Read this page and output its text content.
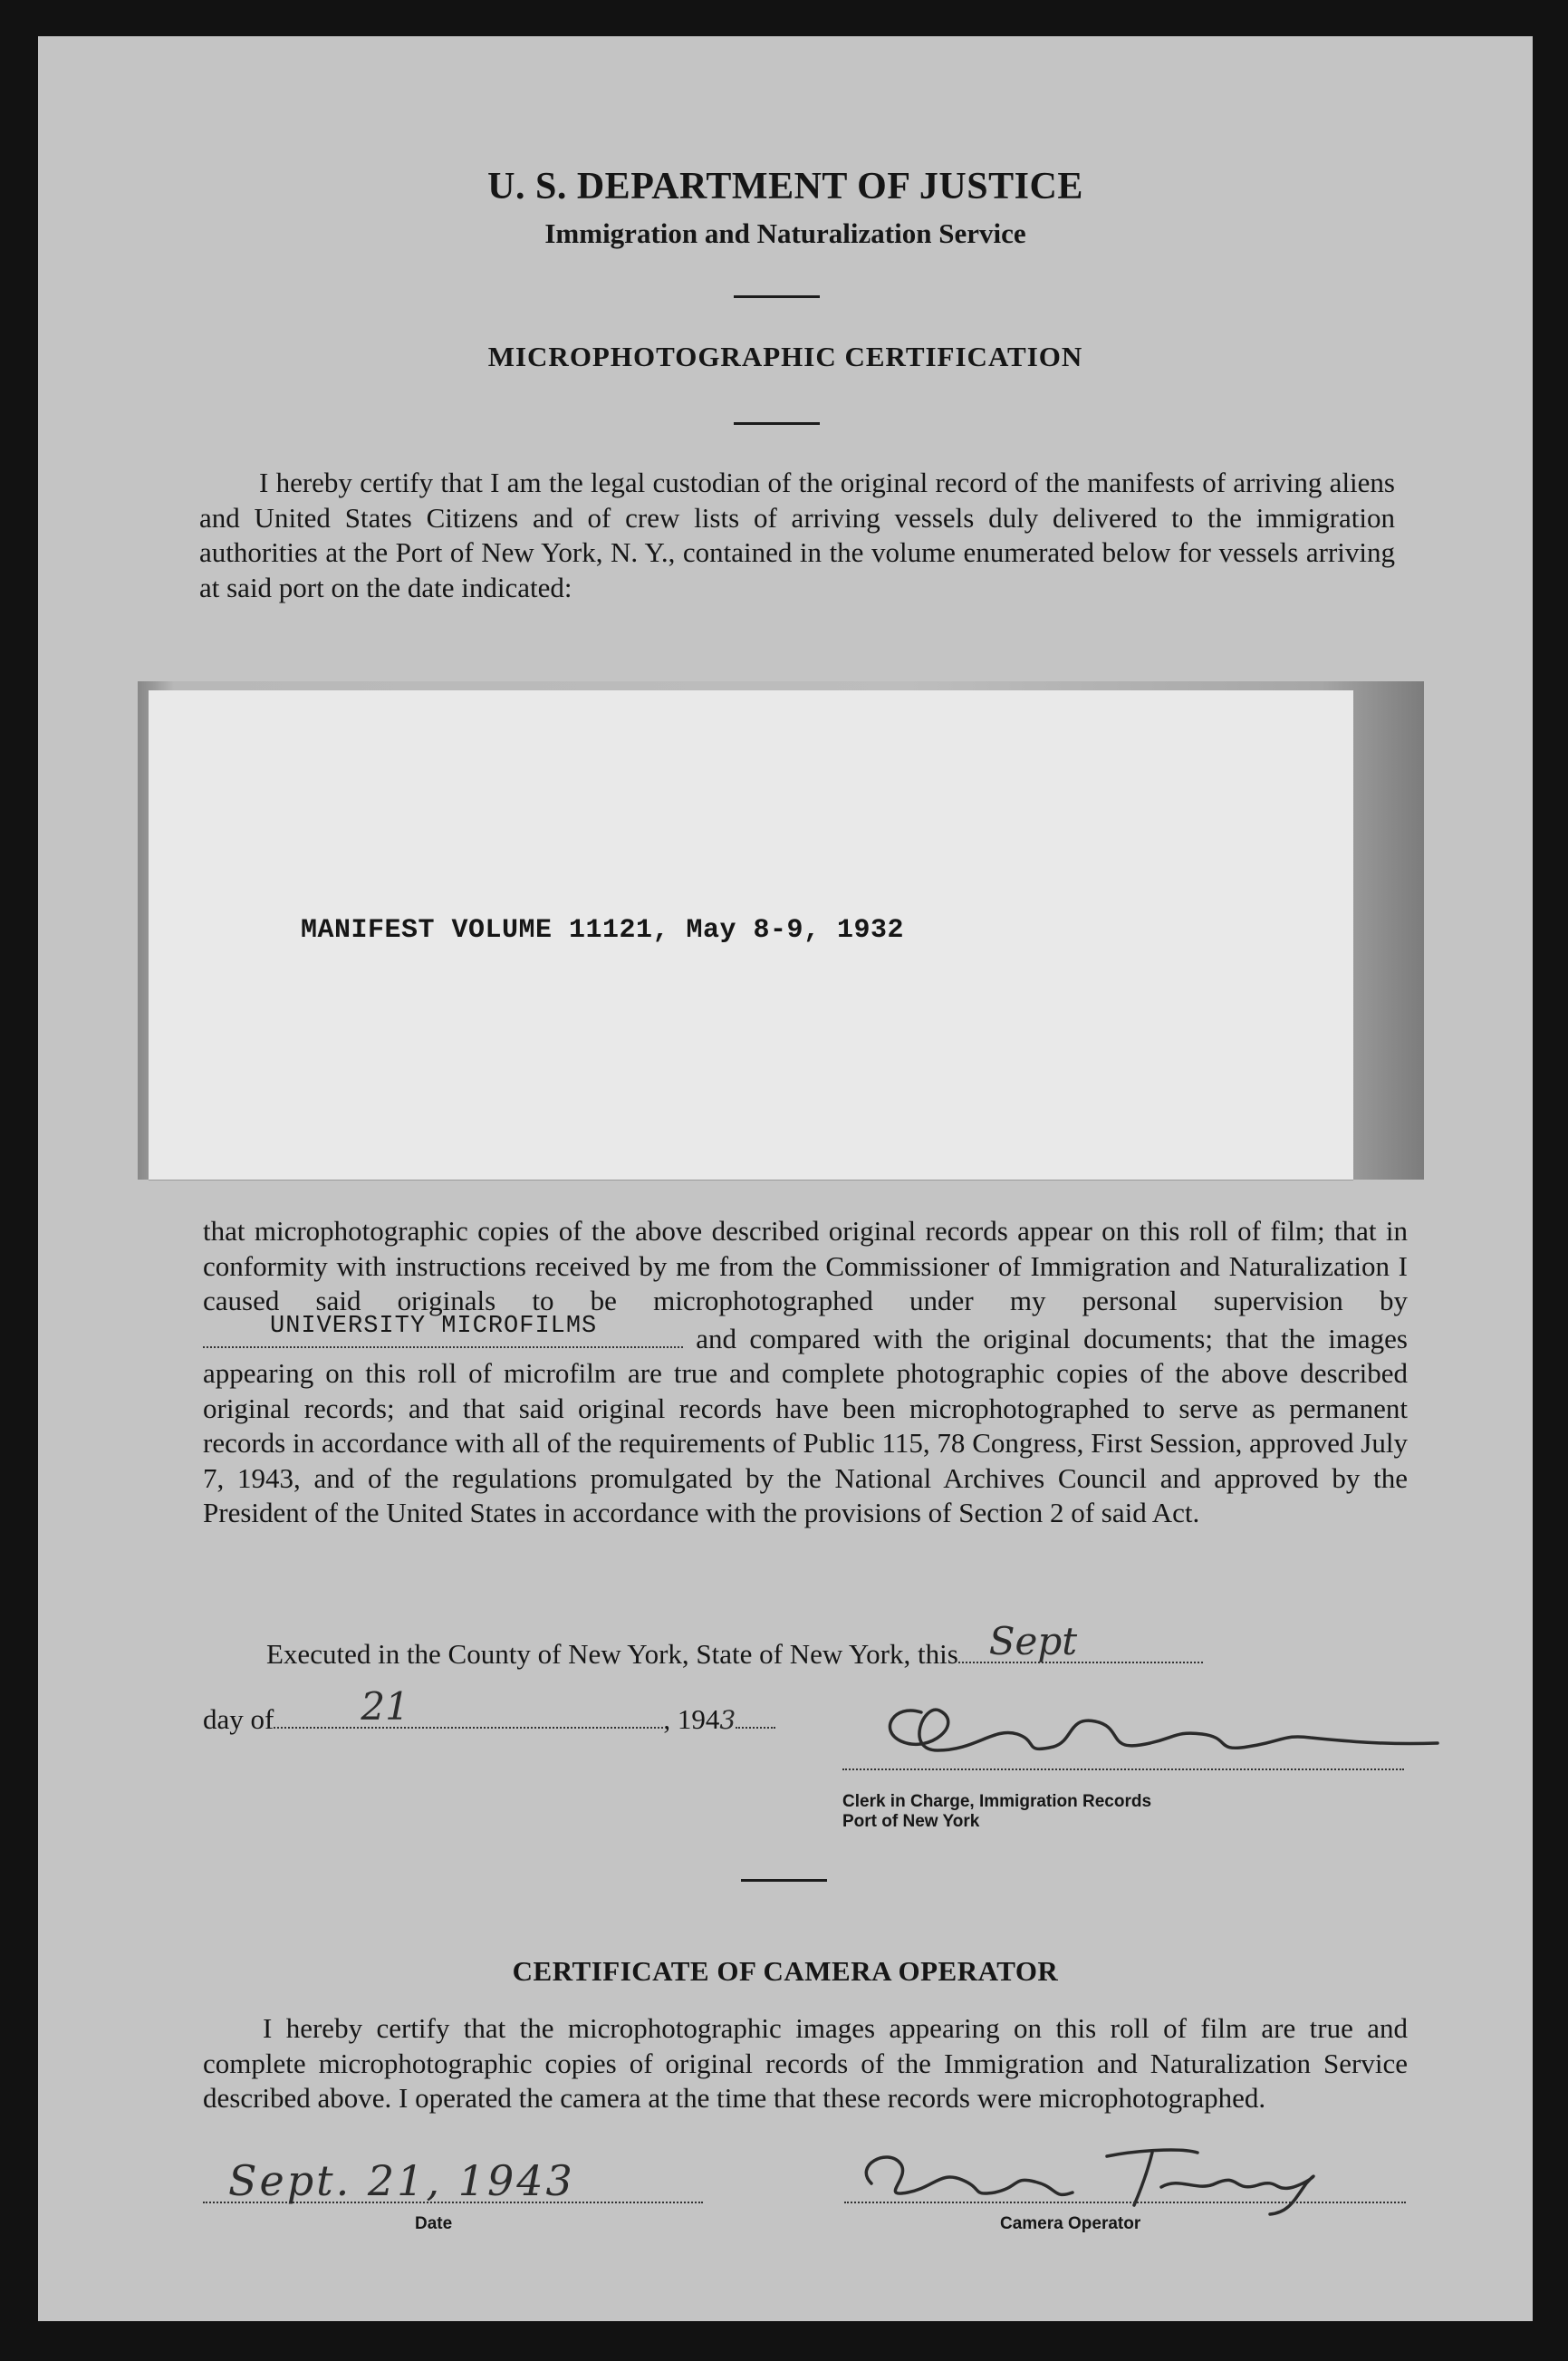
U. S. DEPARTMENT OF JUSTICE
Immigration and Naturalization Service
MICROPHOTOGRAPHIC CERTIFICATION

I hereby certify that I am the legal custodian of the original record of the manifests of arriving aliens and United States Citizens and of crew lists of arriving vessels duly delivered to the immigration authorities at the Port of New York, N. Y., contained in the volume enumerated below for vessels arriving at said port on the date indicated:

MANIFEST VOLUME 11121, May 8-9, 1932

that microphotographic copies of the above described original records appear on this roll of film; that in conformity with instructions received by me from the Commissioner of Immigration and Naturalization I caused said originals to be microphotographed under my personal supervision by
UNIVERSITY MICROFILMS	and compared with the original documents; that the images appearing on this roll of microfilm are true and complete photographic copies of the above described original records; and that said original records have been microphotographed to serve as permanent records in accordance with all of the requirements of Public 115, 78 Congress, First Session, approved July 7, 1943, and of the regulations promulgated by the National Archives Council and approved by the President of the United States in accordance with the provisions of Section 2 of said Act.

Executed in the County of New York, State of New York, this Sept
day of 21	, 1943
Clerk in Charge, Immigration Records
Port of New York
CERTIFICATE OF CAMERA OPERATOR

I hereby certify that the microphotographic images appearing on this roll of film are true and complete microphotographic copies of original records of the Immigration and Naturalization Service described above. I operated the camera at the time that these records were microphotographed.

Sept. 21, 1943
Date	Camera Operator
